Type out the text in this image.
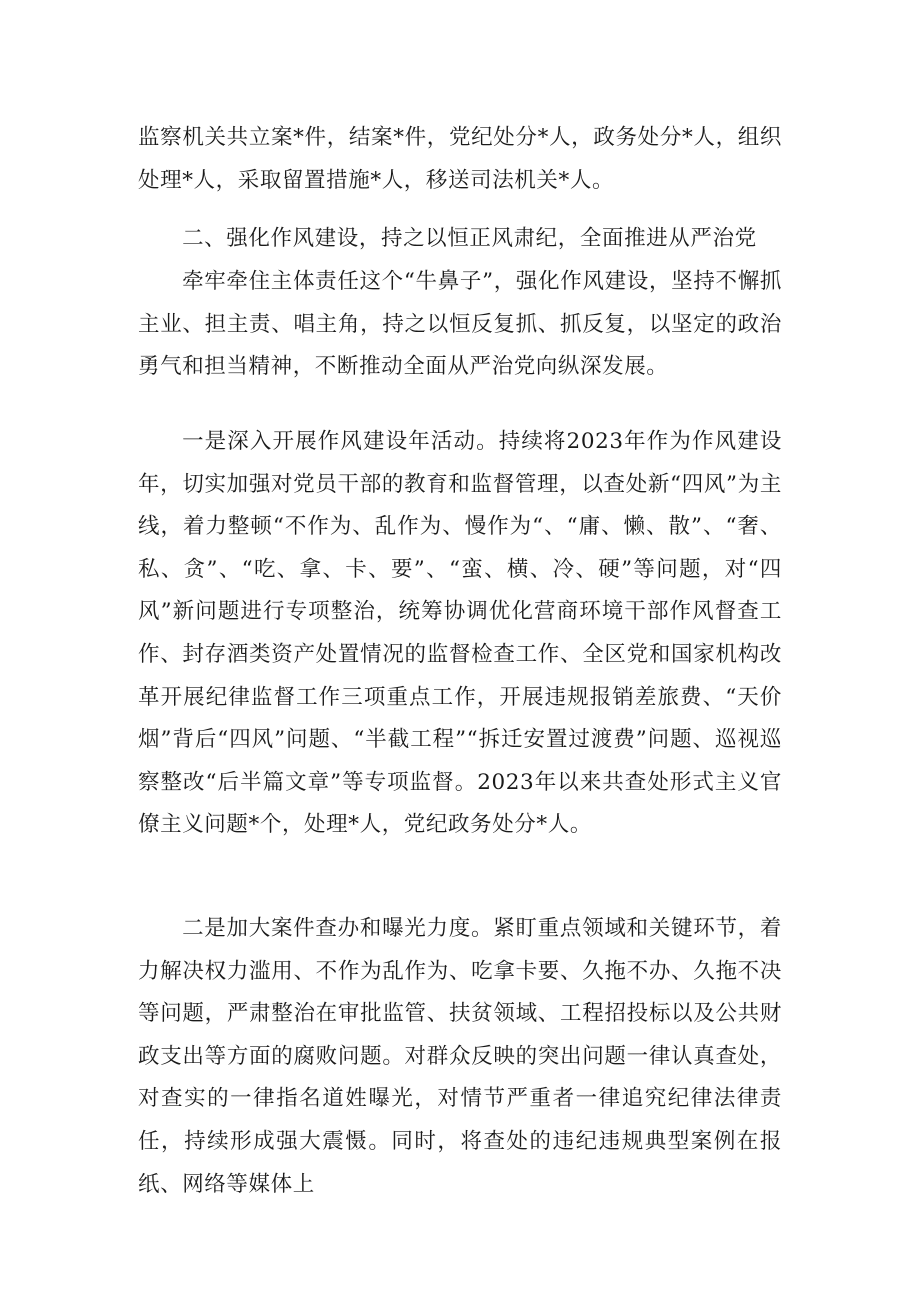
监察机关共立案*件，结案*件，党纪处分*人，政务处分*人，组织处理*人，采取留置措施*人，移送司法机关*人。

二、强化作风建设，持之以恒正风肃纪，全面推进从严治党

牵牢牵住主体责任这个“牛鼻子”，强化作风建设，坚持不懈抓主业、担主责、唱主角，持之以恒反复抓、抓反复，以坚定的政治勇气和担当精神，不断推动全面从严治党向纵深发展。

一是深入开展作风建设年活动。持续将2023年作为作风建设年，切实加强对党员干部的教育和监督管理，以查处新“四风”为主线，着力整顿“不作为、乱作为、慢作为“、“庸、懒、散”、“奢、私、贪”、“吃、拿、卡、要”、“蛮、横、冷、硬”等问题，对“四风”新问题进行专项整治，统筹协调优化营商环境干部作风督查工作、封存酒类资产处置情况的监督检查工作、全区党和国家机构改革开展纪律监督工作三项重点工作，开展违规报销差旅费、“天价烟”背后“四风”问题、“半截工程”“拆迁安置过渡费”问题、巡视巡察整改“后半篇文章”等专项监督。2023年以来共查处形式主义官僚主义问题*个，处理*人，党纪政务处分*人。

二是加大案件查办和曝光力度。紧盯重点领域和关键环节，着力解决权力滥用、不作为乱作为、吃拿卡要、久拖不办、久拖不决等问题，严肃整治在审批监管、扶贫领域、工程招投标以及公共财政支出等方面的腐败问题。对群众反映的突出问题一律认真查处，对查实的一律指名道姓曝光，对情节严重者一律追究纪律法律责任，持续形成强大震慑。同时，将查处的违纪违规典型案例在报纸、网络等媒体上
